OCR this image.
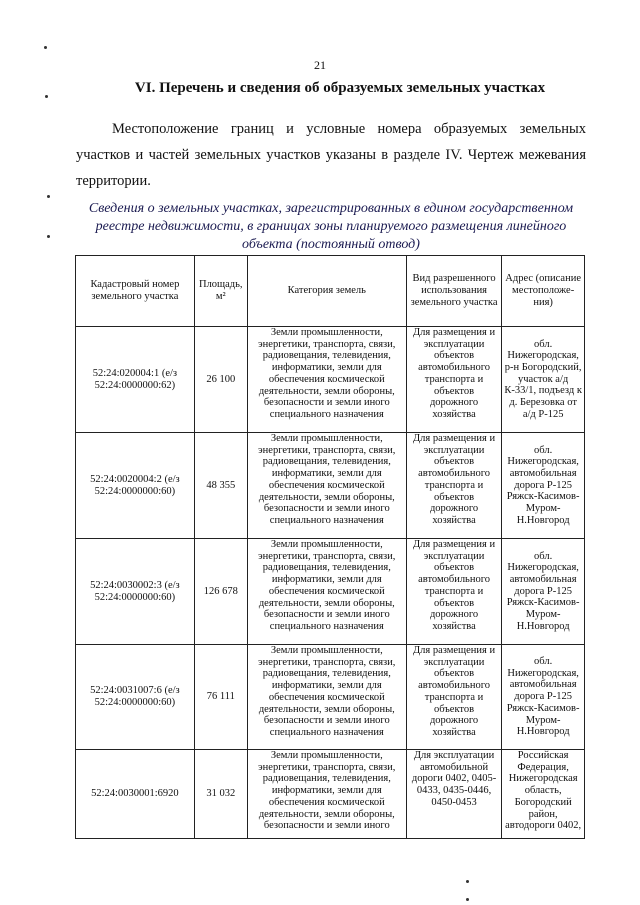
21
VI. Перечень и сведения об образуемых земельных участках
Местоположение границ и условные номера образуемых земельных участков и частей земельных участков указаны в разделе IV. Чертеж межевания территории.
Сведения о земельных участках, зарегистрированных в едином государственном реестре недвижимости, в границах зоны планируемого размещения линейного объекта (постоянный отвод)
Кадастровый номер земельного участка	Площадь, м²	Категория земель	Вид разрешенного использования земельного участка	Адрес (описание местоположе-ния)
52:24:020004:1 (е/з 52:24:0000000:62)	26 100	Земли промышленности, энергетики, транспорта, связи, радиовещания, телевидения, информатики, земли для обеспечения космической деятельности, земли обороны, безопасности и земли иного специального назначения	Для размещения и эксплуатации объектов автомобильного транспорта и объектов дорожного хозяйства	обл. Нижегородская, р-н Богородский, участок а/д К-33/1, подъезд к д. Березовка от а/д Р-125
52:24:0020004:2 (е/з 52:24:0000000:60)	48 355	Земли промышленности, энергетики, транспорта, связи, радиовещания, телевидения, информатики, земли для обеспечения космической деятельности, земли обороны, безопасности и земли иного специального назначения	Для размещения и эксплуатации объектов автомобильного транспорта и объектов дорожного хозяйства	обл. Нижегородская, автомобильная дорога Р-125 Ряжск-Касимов-Муром-Н.Новгород
52:24:0030002:3 (е/з 52:24:0000000:60)	126 678	Земли промышленности, энергетики, транспорта, связи, радиовещания, телевидения, информатики, земли для обеспечения космической деятельности, земли обороны, безопасности и земли иного специального назначения	Для размещения и эксплуатации объектов автомобильного транспорта и объектов дорожного хозяйства	обл. Нижегородская, автомобильная дорога Р-125 Ряжск-Касимов-Муром-Н.Новгород
52:24:0031007:6 (е/з 52:24:0000000:60)	76 111	Земли промышленности, энергетики, транспорта, связи, радиовещания, телевидения, информатики, земли для обеспечения космической деятельности, земли обороны, безопасности и земли иного специального назначения	Для размещения и эксплуатации объектов автомобильного транспорта и объектов дорожного хозяйства	обл. Нижегородская, автомобильная дорога Р-125 Ряжск-Касимов-Муром-Н.Новгород
52:24:0030001:6920	31 032	Земли промышленности, энергетики, транспорта, связи, радиовещания, телевидения, информатики, земли для обеспечения космической деятельности, земли обороны, безопасности и земли иного	Для эксплуатации автомобильной дороги 0402, 0405-0433, 0435-0446, 0450-0453	Российская Федерация, Нижегородская область, Богородский район, автодороги 0402,
